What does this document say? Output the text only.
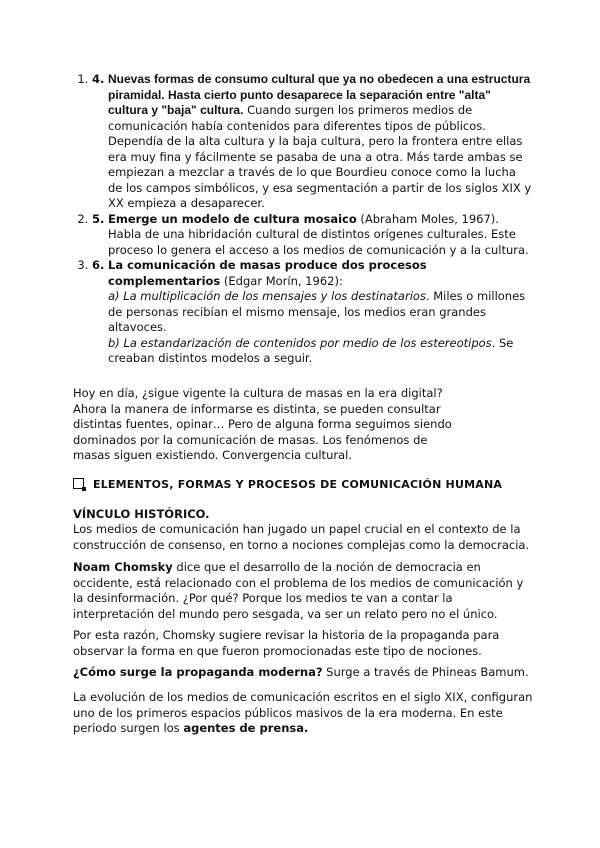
1. 4. Nuevas formas de consumo cultural que ya no obedecen a una estructura piramidal. Hasta cierto punto desaparece la separación entre "alta" cultura y "baja" cultura. Cuando surgen los primeros medios de comunicación había contenidos para diferentes tipos de públicos. Dependía de la alta cultura y la baja cultura, pero la frontera entre ellas era muy fina y fácilmente se pasaba de una a otra. Más tarde ambas se empiezan a mezclar a través de lo que Bourdieu conoce como la lucha de los campos simbólicos, y esa segmentación a partir de los siglos XIX y XX empieza a desaparecer.
2. 5. Emerge un modelo de cultura mosaico (Abraham Moles, 1967). Habla de una hibridación cultural de distintos orígenes culturales. Este proceso lo genera el acceso a los medios de comunicación y a la cultura.
3. 6. La comunicación de masas produce dos procesos complementarios (Edgar Morín, 1962):
a) La multiplicación de los mensajes y los destinatarios. Miles o millones de personas recibían el mismo mensaje, los medios eran grandes altavoces.
b) La estandarización de contenidos por medio de los estereotipos. Se creaban distintos modelos a seguir.

Hoy en día, ¿sigue vigente la cultura de masas en la era digital? Ahora la manera de informarse es distinta, se pueden consultar distintas fuentes, opinar… Pero de alguna forma seguimos siendo dominados por la comunicación de masas. Los fenómenos de masas siguen existiendo. Convergencia cultural.

ELEMENTOS, FORMAS Y PROCESOS DE COMUNICACIÓN HUMANA
VÍNCULO HISTÓRICO.

Los medios de comunicación han jugado un papel crucial en el contexto de la construcción de consenso, en torno a nociones complejas como la democracia.

Noam Chomsky dice que el desarrollo de la noción de democracia en occidente, está relacionado con el problema de los medios de comunicación y la desinformación. ¿Por qué? Porque los medios te van a contar la interpretación del mundo pero sesgada, va ser un relato pero no el único.

Por esta razón, Chomsky sugiere revisar la historia de la propaganda para observar la forma en que fueron promocionadas este tipo de nociones.

¿Cómo surge la propaganda moderna? Surge a través de Phineas Bamum.

La evolución de los medios de comunicación escritos en el siglo XIX, configuran uno de los primeros espacios públicos masivos de la era moderna. En este periodo surgen los agentes de prensa.
